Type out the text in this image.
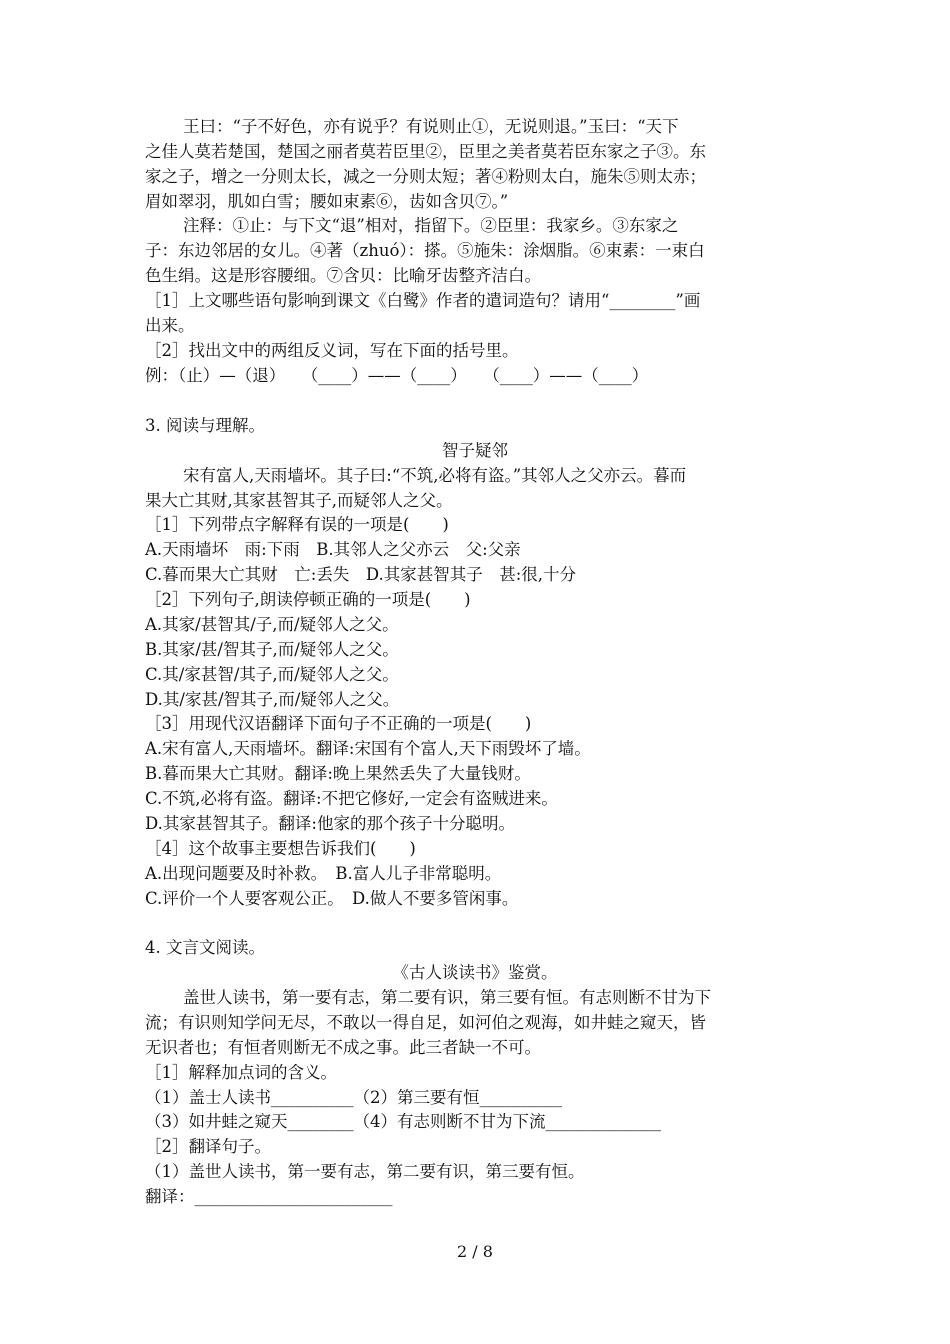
王曰：“子不好色，亦有说乎？有说则止①，无说则退。”玉曰：“天下
之佳人莫若楚国，楚国之丽者莫若臣里②，臣里之美者莫若臣东家之子③。东
家之子，增之一分则太长，减之一分则太短；著④粉则太白，施朱⑤则太赤；
眉如翠羽，肌如白雪；腰如束素⑥，齿如含贝⑦。”
注释：①止：与下文“退”相对，指留下。②臣里：我家乡。③东家之
子：东边邻居的女儿。④著（zhuó）：搽。⑤施朱：涂烟脂。⑥束素：一束白
色生绢。这是形容腰细。⑦含贝：比喻牙齿整齐洁白。
［1］上文哪些语句影响到课文《白鹭》作者的遣词造句？请用“________”画
出来。
［2］找出文中的两组反义词，写在下面的括号里。
例：（止）—（退）　　（____）——（____）　　（____）——（____）
3. 阅读与理解。
智子疑邻
宋有富人,天雨墙坏。其子曰:“不筑,必将有盗。”其邻人之父亦云。暮而
果大亡其财,其家甚智其子,而疑邻人之父。
［1］下列带点字解释有误的一项是(　　)
A.天雨墙坏　雨:下雨　B.其邻人之父亦云　父:父亲
C.暮而果大亡其财　亡:丢失　D.其家甚智其子　甚:很,十分
［2］下列句子,朗读停顿正确的一项是(　　)
A.其家/甚智其/子,而/疑邻人之父。
B.其家/甚/智其子,而/疑邻人之父。
C.其/家甚智/其子,而/疑邻人之父。
D.其/家甚/智其子,而/疑邻人之父。
［3］用现代汉语翻译下面句子不正确的一项是(　　)
A.宋有富人,天雨墙坏。翻译:宋国有个富人,天下雨毁坏了墙。
B.暮而果大亡其财。翻译:晚上果然丢失了大量钱财。
C.不筑,必将有盗。翻译:不把它修好,一定会有盗贼进来。
D.其家甚智其子。翻译:他家的那个孩子十分聪明。
［4］这个故事主要想告诉我们(　　)
A.出现问题要及时补救。　B.富人儿子非常聪明。
C.评价一个人要客观公正。　D.做人不要多管闲事。
4. 文言文阅读。
《古人谈读书》鉴赏。
盖世人读书，第一要有志，第二要有识，第三要有恒。有志则断不甘为下
流；有识则知学问无尽，不敢以一得自足，如河伯之观海，如井蛙之窥天，皆
无识者也；有恒者则断无不成之事。此三者缺一不可。
［1］解释加点词的含义。
（1）盖士人读书__________（2）第三要有恒__________
（3）如井蛙之窥天________（4）有志则断不甘为下流______________
［2］翻译句子。
（1）盖世人读书，第一要有志，第二要有识，第三要有恒。
翻译：________________________
2 / 8
